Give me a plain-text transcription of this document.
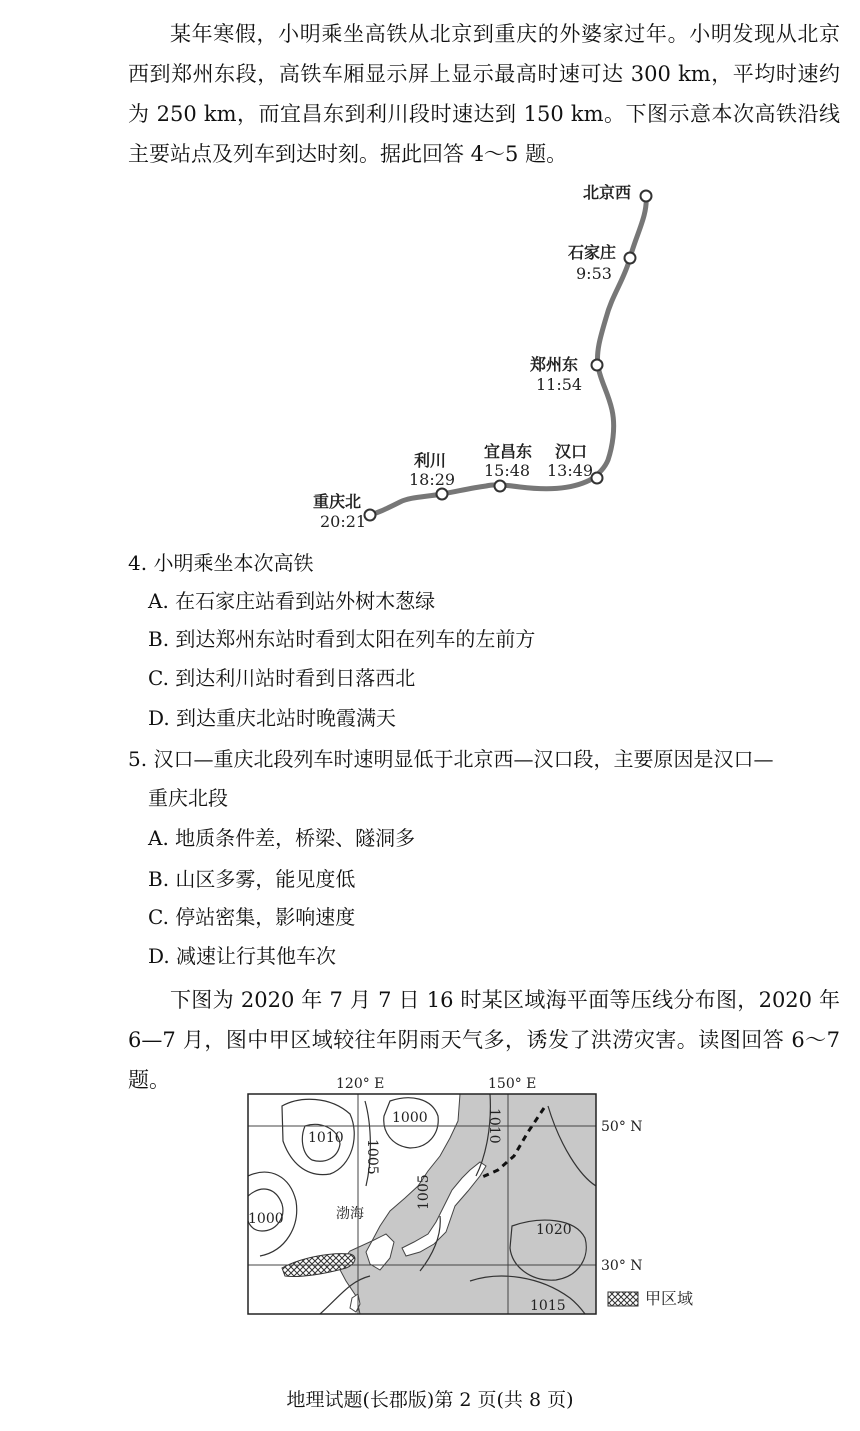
某年寒假，小明乘坐高铁从北京到重庆的外婆家过年。小明发现从北京西到郑州东段，高铁车厢显示屏上显示最高时速可达 300 km，平均时速约为 250 km，而宜昌东到利川段时速达到 150 km。下图示意本次高铁沿线主要站点及列车到达时刻。据此回答 4～5 题。

北京西
石家庄
9:53
郑州东
11:54
汉口
13:49
宜昌东
15:48
利川
18:29
重庆北
20:21

4. 小明乘坐本次高铁

A. 在石家庄站看到站外树木葱绿

B. 到达郑州东站时看到太阳在列车的左前方

C. 到达利川站时看到日落西北

D. 到达重庆北站时晚霞满天

5. 汉口—重庆北段列车时速明显低于北京西—汉口段，主要原因是汉口—

重庆北段

A. 地质条件差，桥梁、隧洞多

B. 山区多雾，能见度低

C. 停站密集，影响速度

D. 减速让行其他车次

下图为 2020 年 7 月 7 日 16 时某区域海平面等压线分布图，2020 年 6—7 月，图中甲区域较往年阴雨天气多，诱发了洪涝灾害。读图回答 6～7 题。	120° E	150° E
50° N
30° N
1000
1010
1005
1000
1010
1005
1020
1015
渤海
甲区域
地理试题(长郡版)第 2 页(共 8 页)
